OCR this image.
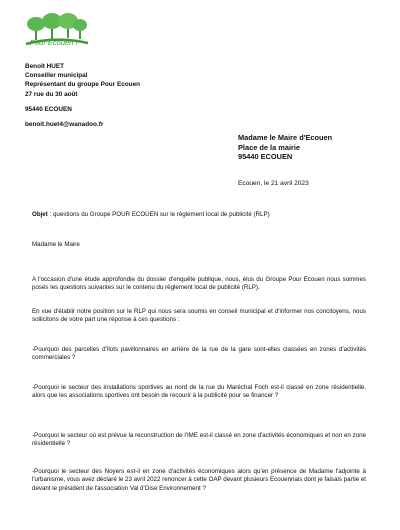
Pour Ecouen !
Benoît HUET
Conseiller municipal
Représentant du groupe Pour Ecouen
27 rue du 30 août
95440 ECOUEN
benoit.huet4@wanadoo.fr
Madame le Maire d'Ecouen
Place de la mairie
95440 ECOUEN
Ecouen, le 21 avril 2023
Objet : questions du Groupe POUR ECOUEN sur le règlement local de publicité (RLP)
Madame le Maire
A l'occasion d'une étude approfondie du dossier d'enquête publique, nous, élus du Groupe Pour Ecouen nous sommes posés les questions suivantes sur le contenu du règlement local de publicité (RLP).
En vue d'établir notre position sur le RLP qui nous sera soumis en conseil municipal et d'informer nos concitoyens, nous sollicitons de votre part une réponse à ces questions :
-Pourquoi des parcelles d'îlots pavillonnaires en arrière de la rue de la gare sont-elles classées en zones d'activités commerciales ?
-Pourquoi le secteur des installations sportives au nord de la rue du Maréchal Foch est-il classé en zone résidentielle, alors que les associations sportives ont besoin de recourir à la publicité pour se financer ?
-Pourquoi le secteur où est prévue la reconstruction de l'IME est-il classé en zone d'activités économiques et non en zone résidentielle ?
-Pourquoi le secteur des Noyers est-il en zone d'activités économiques alors qu'en présence de Madame l'adjointe à l'urbanisme, vous avez déclaré le 23 avril 2022 renoncer à cette OAP devant plusieurs Ecouennais dont je faisais partie et devant le président de l'association Val d'Oise Environnement ?
